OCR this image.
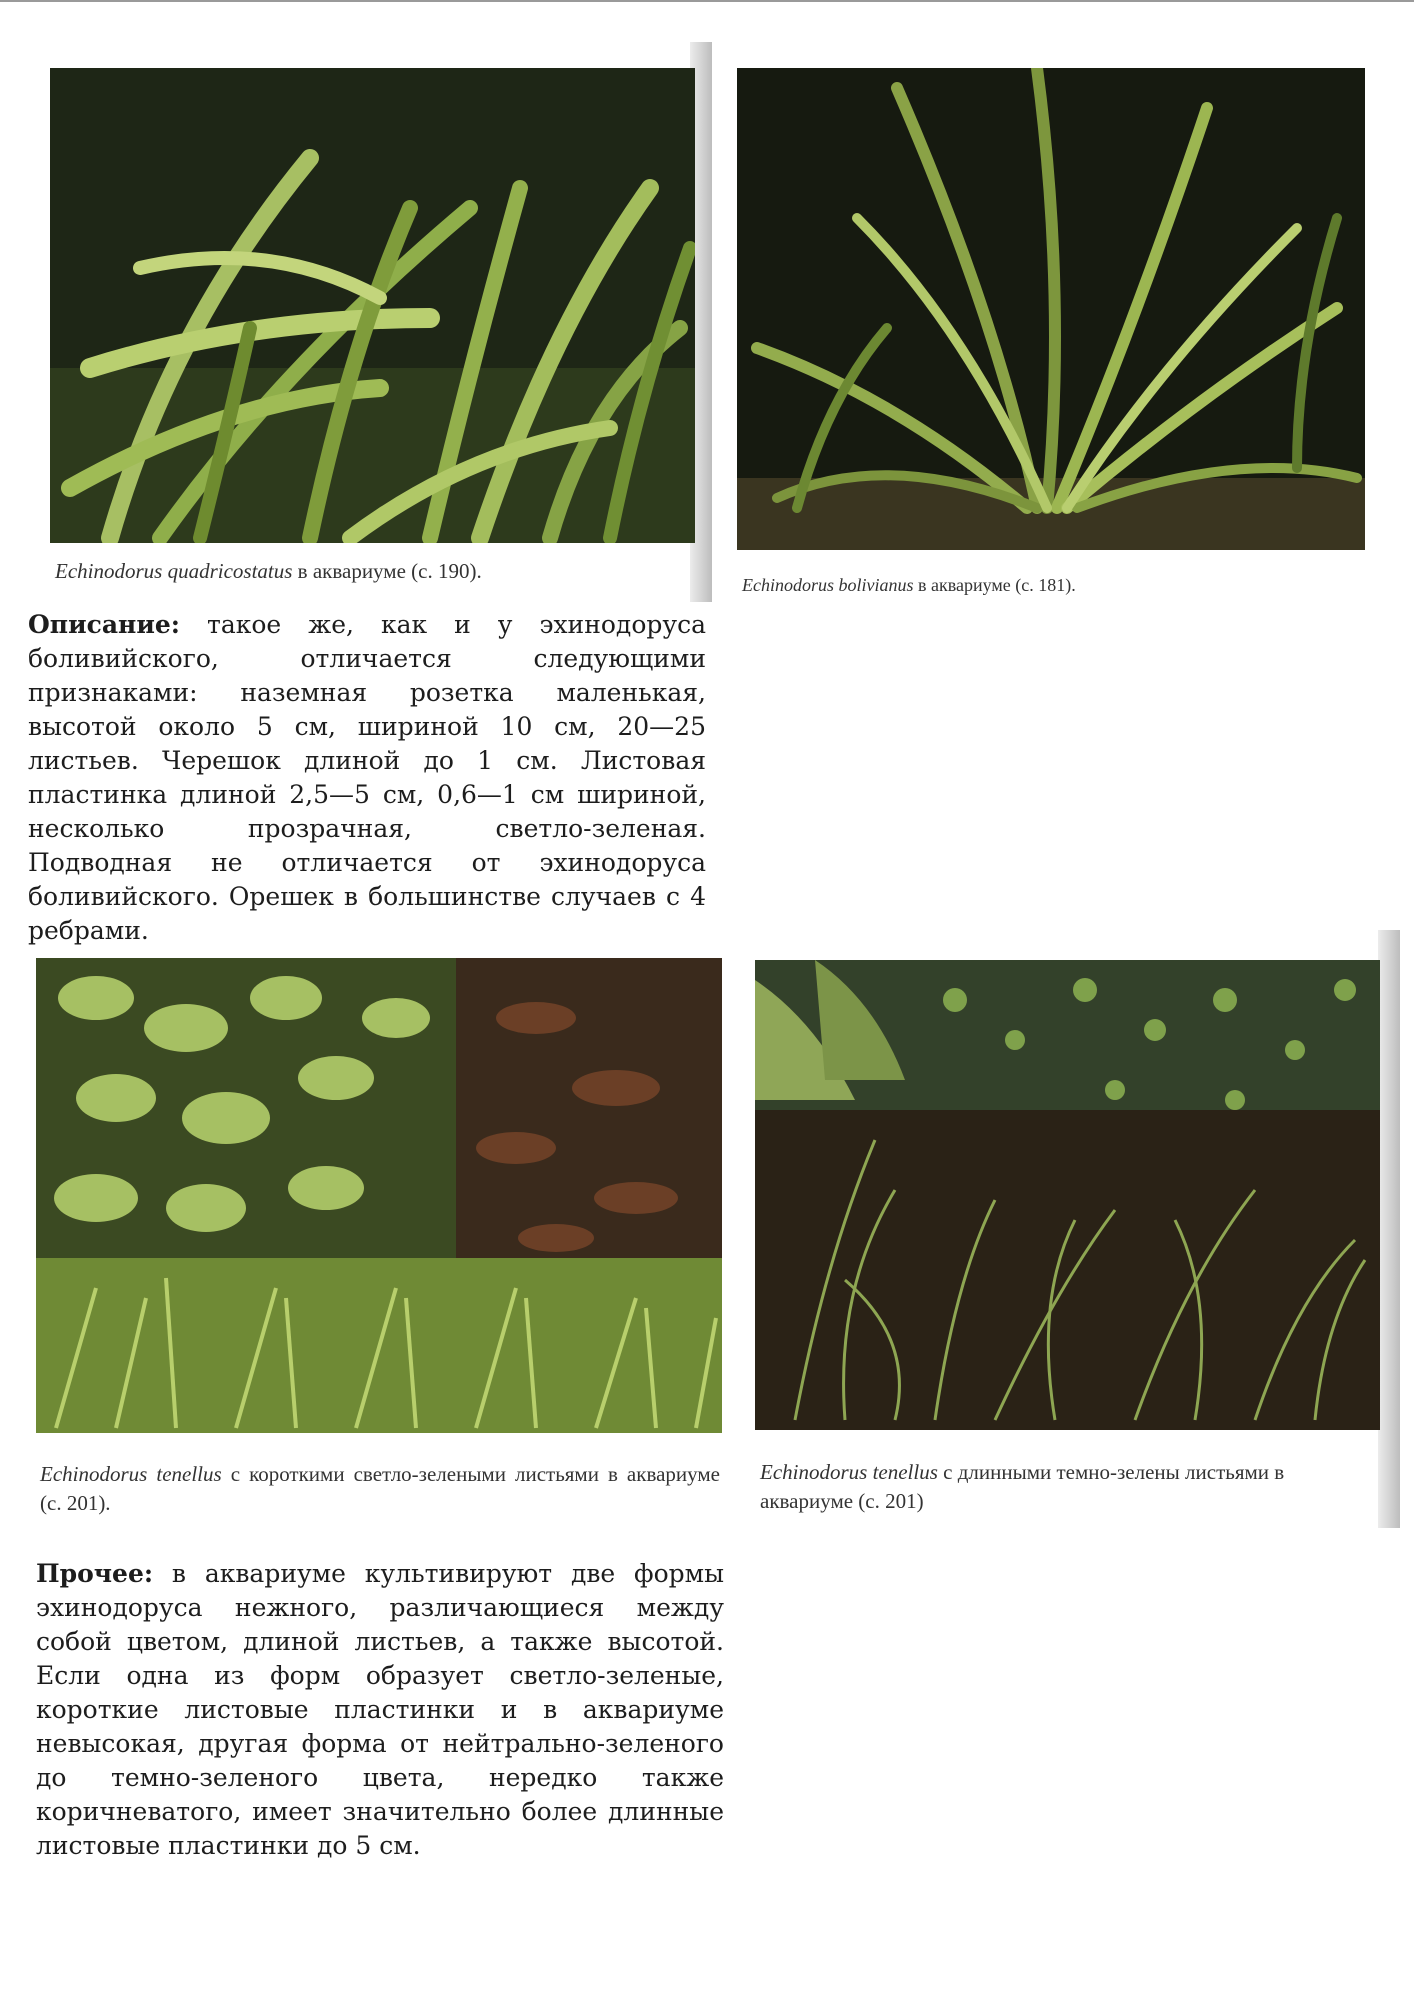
Echinodorus quadricostatus в аквариуме (с. 190).
Echinodorus bolivianus в аквариуме (с. 181).
Описание: такое же, как и у эхинодоруса боливийского, отличается следующими признаками: наземная розетка маленькая, высотой около 5 см, шириной 10 см, 20—25 листьев. Черешок длиной до 1 см. Листовая пластинка длиной 2,5—5 см, 0,6—1 см шириной, несколько прозрачная, светло-зеленая. Подводная не отличается от эхинодоруса боливийского. Орешек в большинстве случаев с 4 ребрами.
Echinodorus tenellus с короткими светло-зелеными листьями в аквариуме (с. 201).
Echinodorus tenellus с длинными темно-зелены листьями в аквариуме (с. 201)
Прочее: в аквариуме культивируют две формы эхинодоруса нежного, различающиеся между собой цветом, длиной листьев, а также высотой. Если одна из форм образует светло-зеленые, короткие листовые пластинки и в аквариуме невысокая, другая форма от нейтрально-зеленого до темно-зеленого цвета, нередко также коричневатого, имеет значительно более длинные листовые пластинки до 5 см.
